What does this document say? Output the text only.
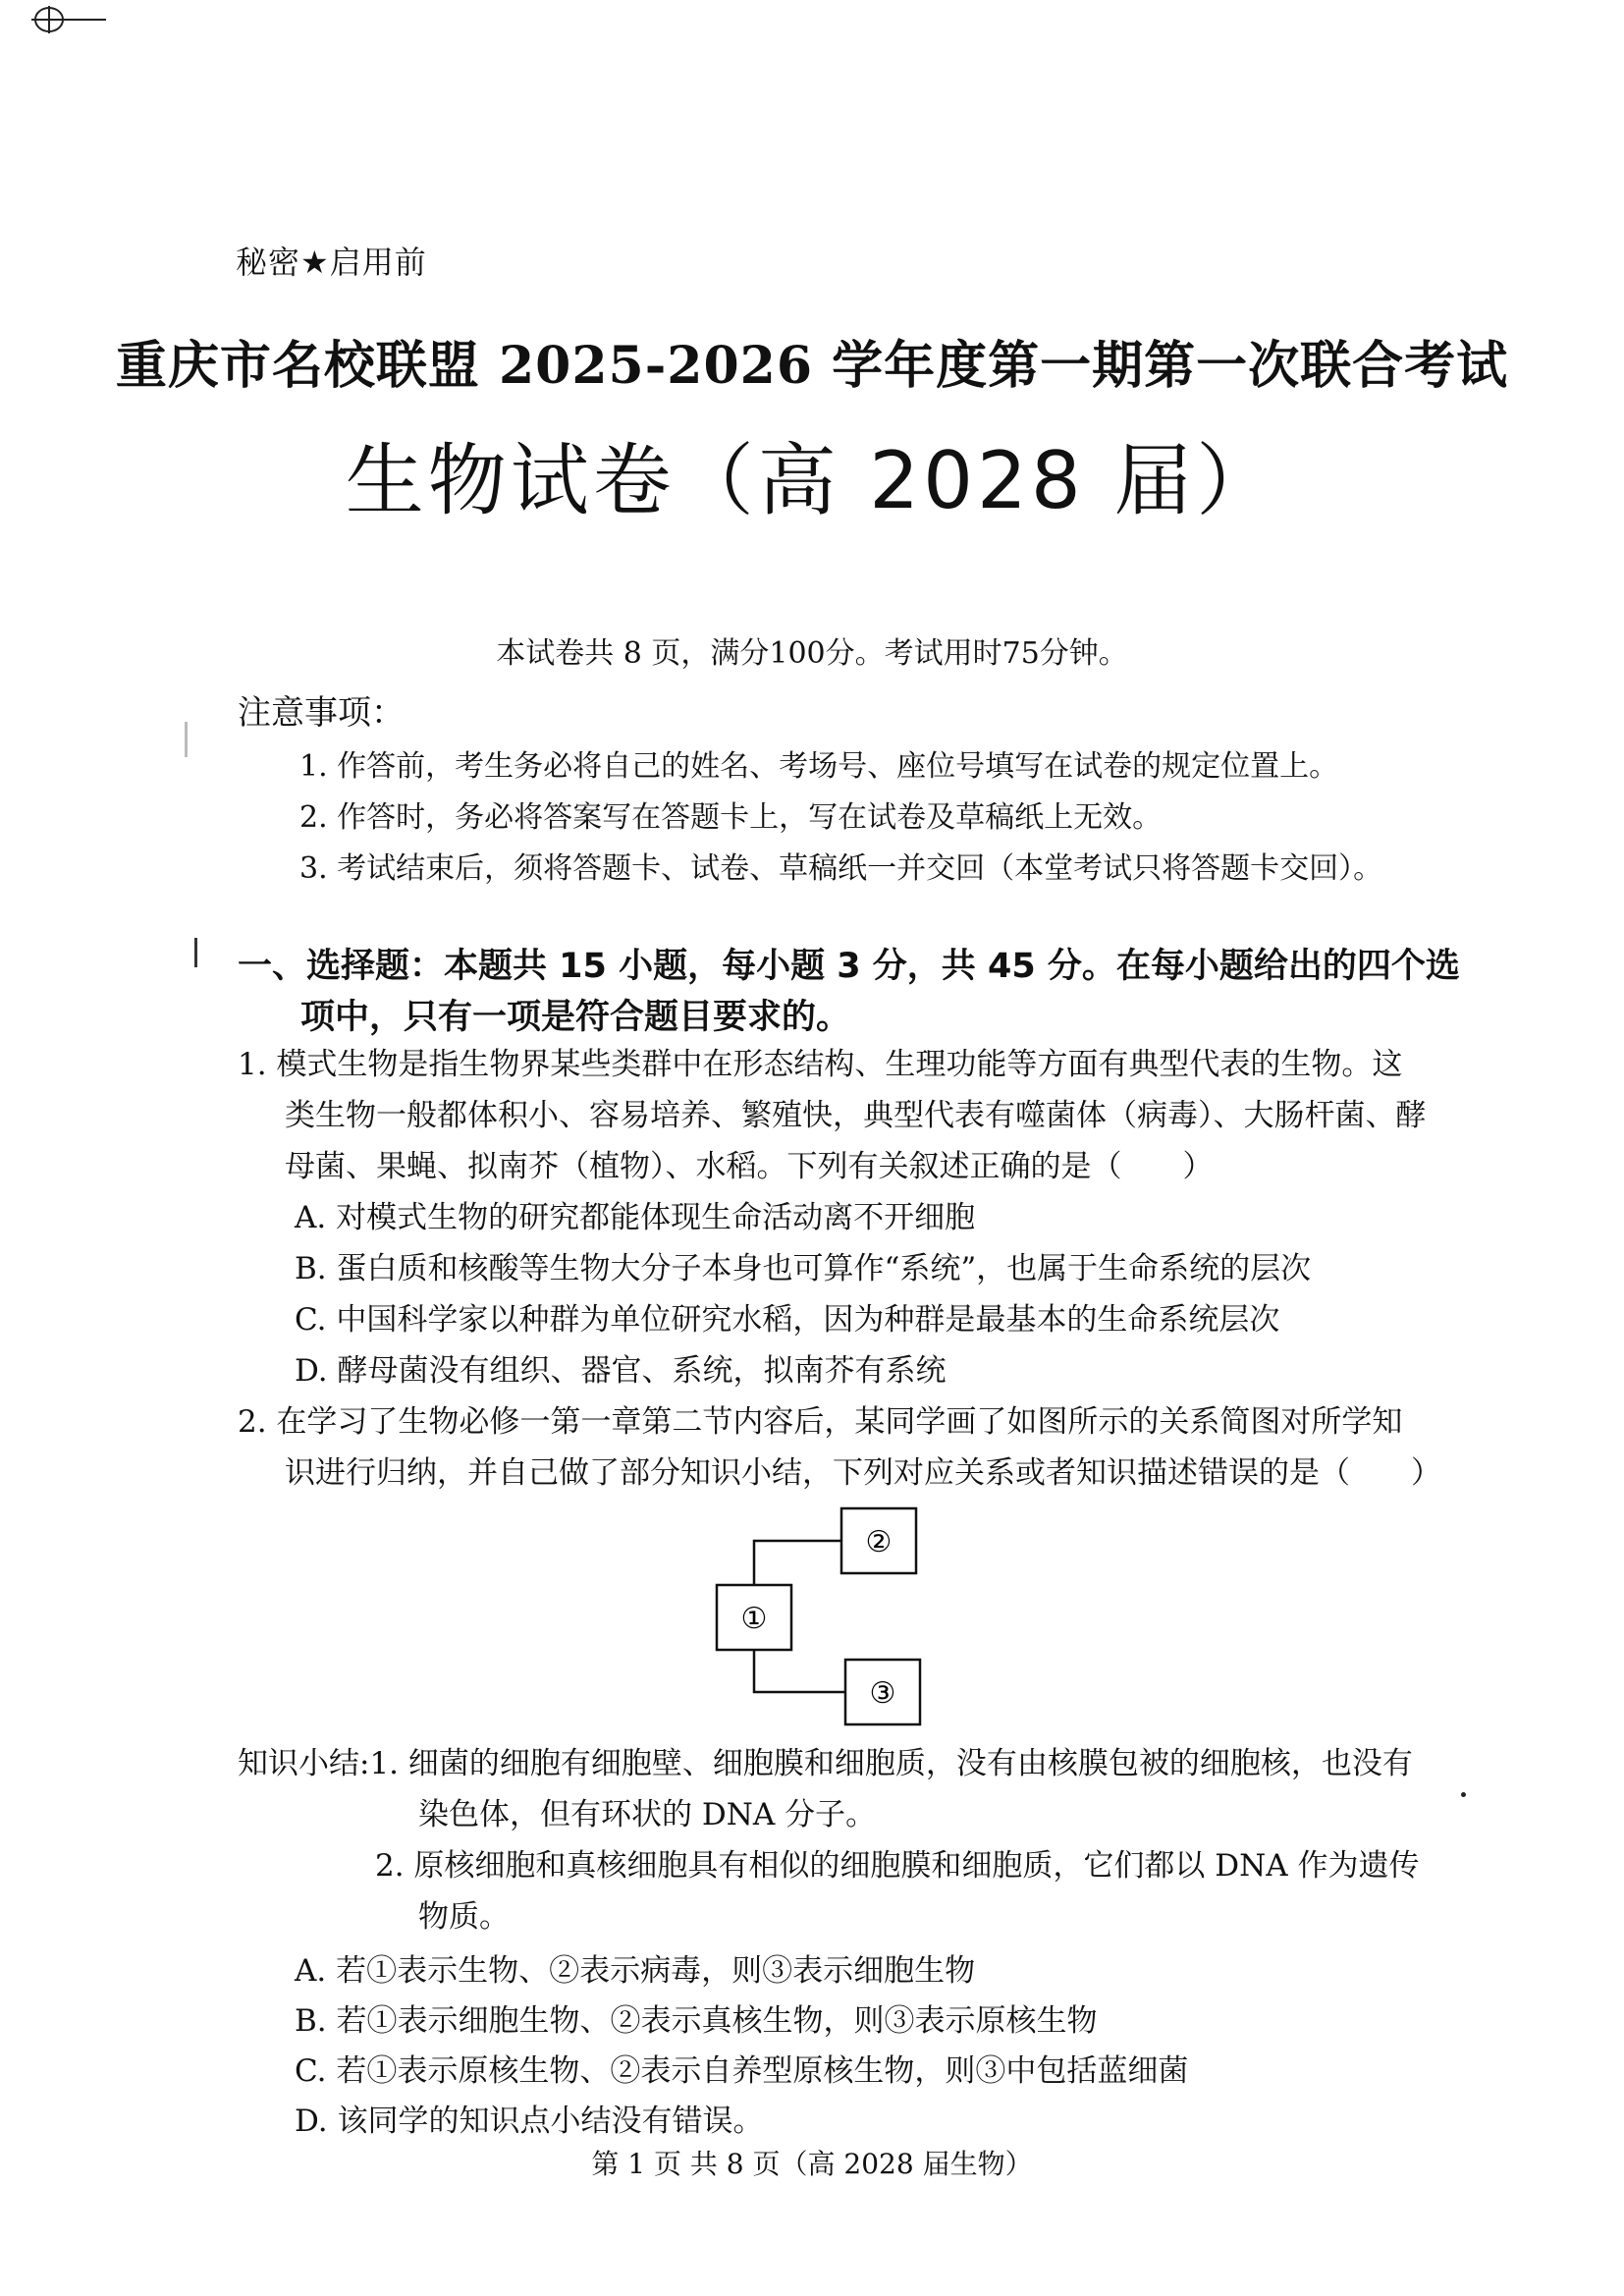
秘密★启用前
重庆市名校联盟 2025-2026 学年度第一期第一次联合考试
生物试卷（高 2028 届）
本试卷共 8 页，满分100分。考试用时75分钟。
注意事项：
1. 作答前，考生务必将自己的姓名、考场号、座位号填写在试卷的规定位置上。
2. 作答时，务必将答案写在答题卡上，写在试卷及草稿纸上无效。
3. 考试结束后，须将答题卡、试卷、草稿纸一并交回（本堂考试只将答题卡交回）。
一、选择题：本题共 15 小题，每小题 3 分，共 45 分。在每小题给出的四个选
项中，只有一项是符合题目要求的。
1. 模式生物是指生物界某些类群中在形态结构、生理功能等方面有典型代表的生物。这
类生物一般都体积小、容易培养、繁殖快，典型代表有噬菌体（病毒）、大肠杆菌、酵
母菌、果蝇、拟南芥（植物）、水稻。下列有关叙述正确的是（　　）
A. 对模式生物的研究都能体现生命活动离不开细胞
B. 蛋白质和核酸等生物大分子本身也可算作“系统”，也属于生命系统的层次
C. 中国科学家以种群为单位研究水稻，因为种群是最基本的生命系统层次
D. 酵母菌没有组织、器官、系统，拟南芥有系统
2. 在学习了生物必修一第一章第二节内容后，某同学画了如图所示的关系简图对所学知
识进行归纳，并自己做了部分知识小结，下列对应关系或者知识描述错误的是（　　）
②
①
③
知识小结:1. 细菌的细胞有细胞壁、细胞膜和细胞质，没有由核膜包被的细胞核，也没有
染色体，但有环状的 DNA 分子。
2. 原核细胞和真核细胞具有相似的细胞膜和细胞质，它们都以 DNA 作为遗传
物质。
A. 若①表示生物、②表示病毒，则③表示细胞生物
B. 若①表示细胞生物、②表示真核生物，则③表示原核生物
C. 若①表示原核生物、②表示自养型原核生物，则③中包括蓝细菌
D. 该同学的知识点小结没有错误。
第 1 页 共 8 页（高 2028 届生物）
